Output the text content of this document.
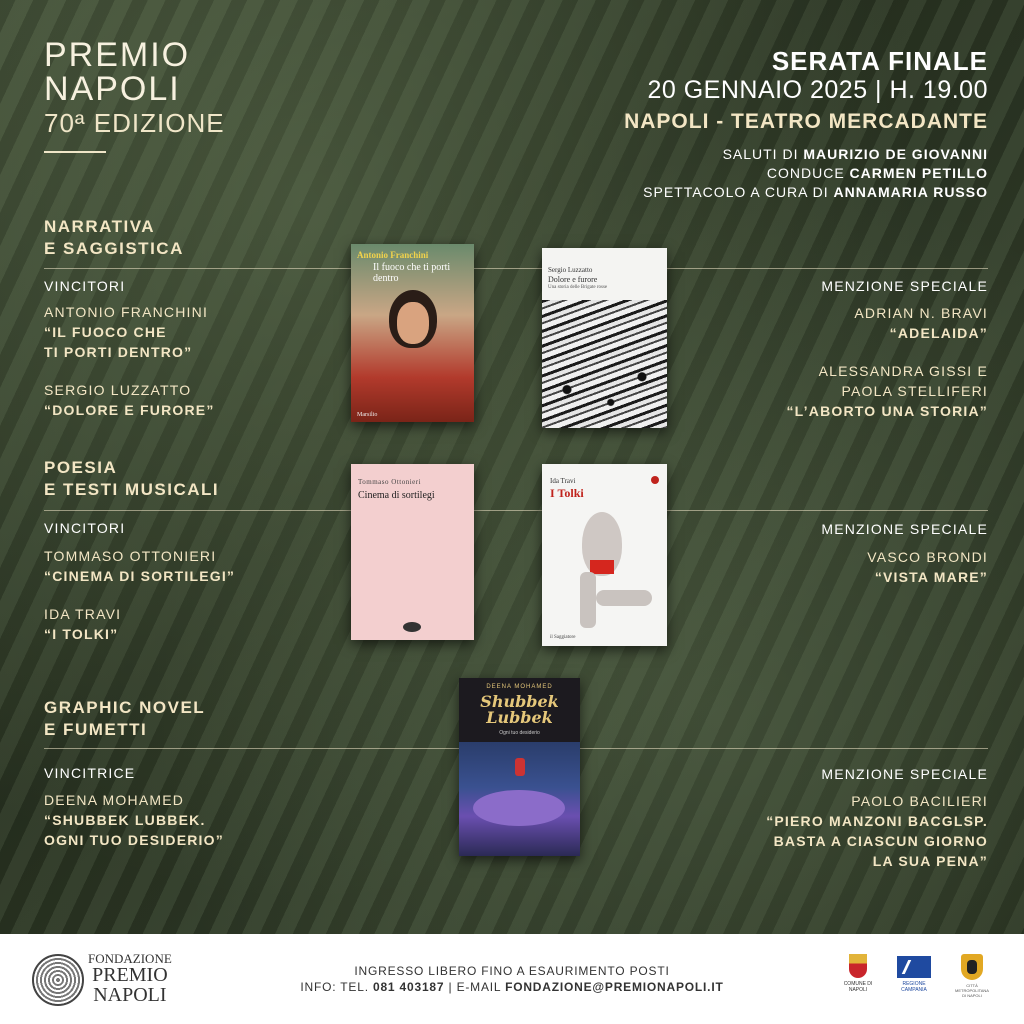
PREMIO
NAPOLI
70ª EDIZIONE
SERATA FINALE
20 GENNAIO 2025 | H. 19.00
NAPOLI - TEATRO MERCADANTE
SALUTI DI MAURIZIO DE GIOVANNI
CONDUCE CARMEN PETILLO
SPETTACOLO A CURA DI ANNAMARIA RUSSO
NARRATIVA
E SAGGISTICA
VINCITORI
ANTONIO FRANCHINI
“IL FUOCO CHE
TI PORTI DENTRO”
SERGIO LUZZATTO
“DOLORE E FURORE”
MENZIONE SPECIALE
ADRIAN N. BRAVI
“ADELAIDA”
ALESSANDRA GISSI E
PAOLA STELLIFERI
“L’ABORTO UNA STORIA”
POESIA
E TESTI MUSICALI
VINCITORI
TOMMASO OTTONIERI
“CINEMA DI SORTILEGI”
IDA TRAVI
“I TOLKI”
MENZIONE SPECIALE
VASCO BRONDI
“VISTA MARE”
GRAPHIC NOVEL
E FUMETTI
VINCITRICE
DEENA MOHAMED
“SHUBBEK LUBBEK.
OGNI TUO DESIDERIO”
MENZIONE SPECIALE
PAOLO BACILIERI
“PIERO MANZONI BACGLSP.
BASTA A CIASCUN GIORNO
LA SUA PENA”
Antonio Franchini
Il fuoco che ti porti dentro
Marsilio
Sergio Luzzatto
Dolore e furore
Una storia delle Brigate rosse
Tommaso Ottonieri
Cinema di sortilegi
Ida Travi
I Tolki
il Saggiatore
DEENA MOHAMED
Shubbek
Lubbek
Ogni tuo desiderio
FONDAZIONE
PREMIO
NAPOLI
INGRESSO LIBERO FINO A ESAURIMENTO POSTI
INFO: TEL. 081 403187 | E-MAIL FONDAZIONE@PREMIONAPOLI.IT	COMUNE DI NAPOLI
REGIONE CAMPANIA
CITTÀ METROPOLITANA DI NAPOLI
